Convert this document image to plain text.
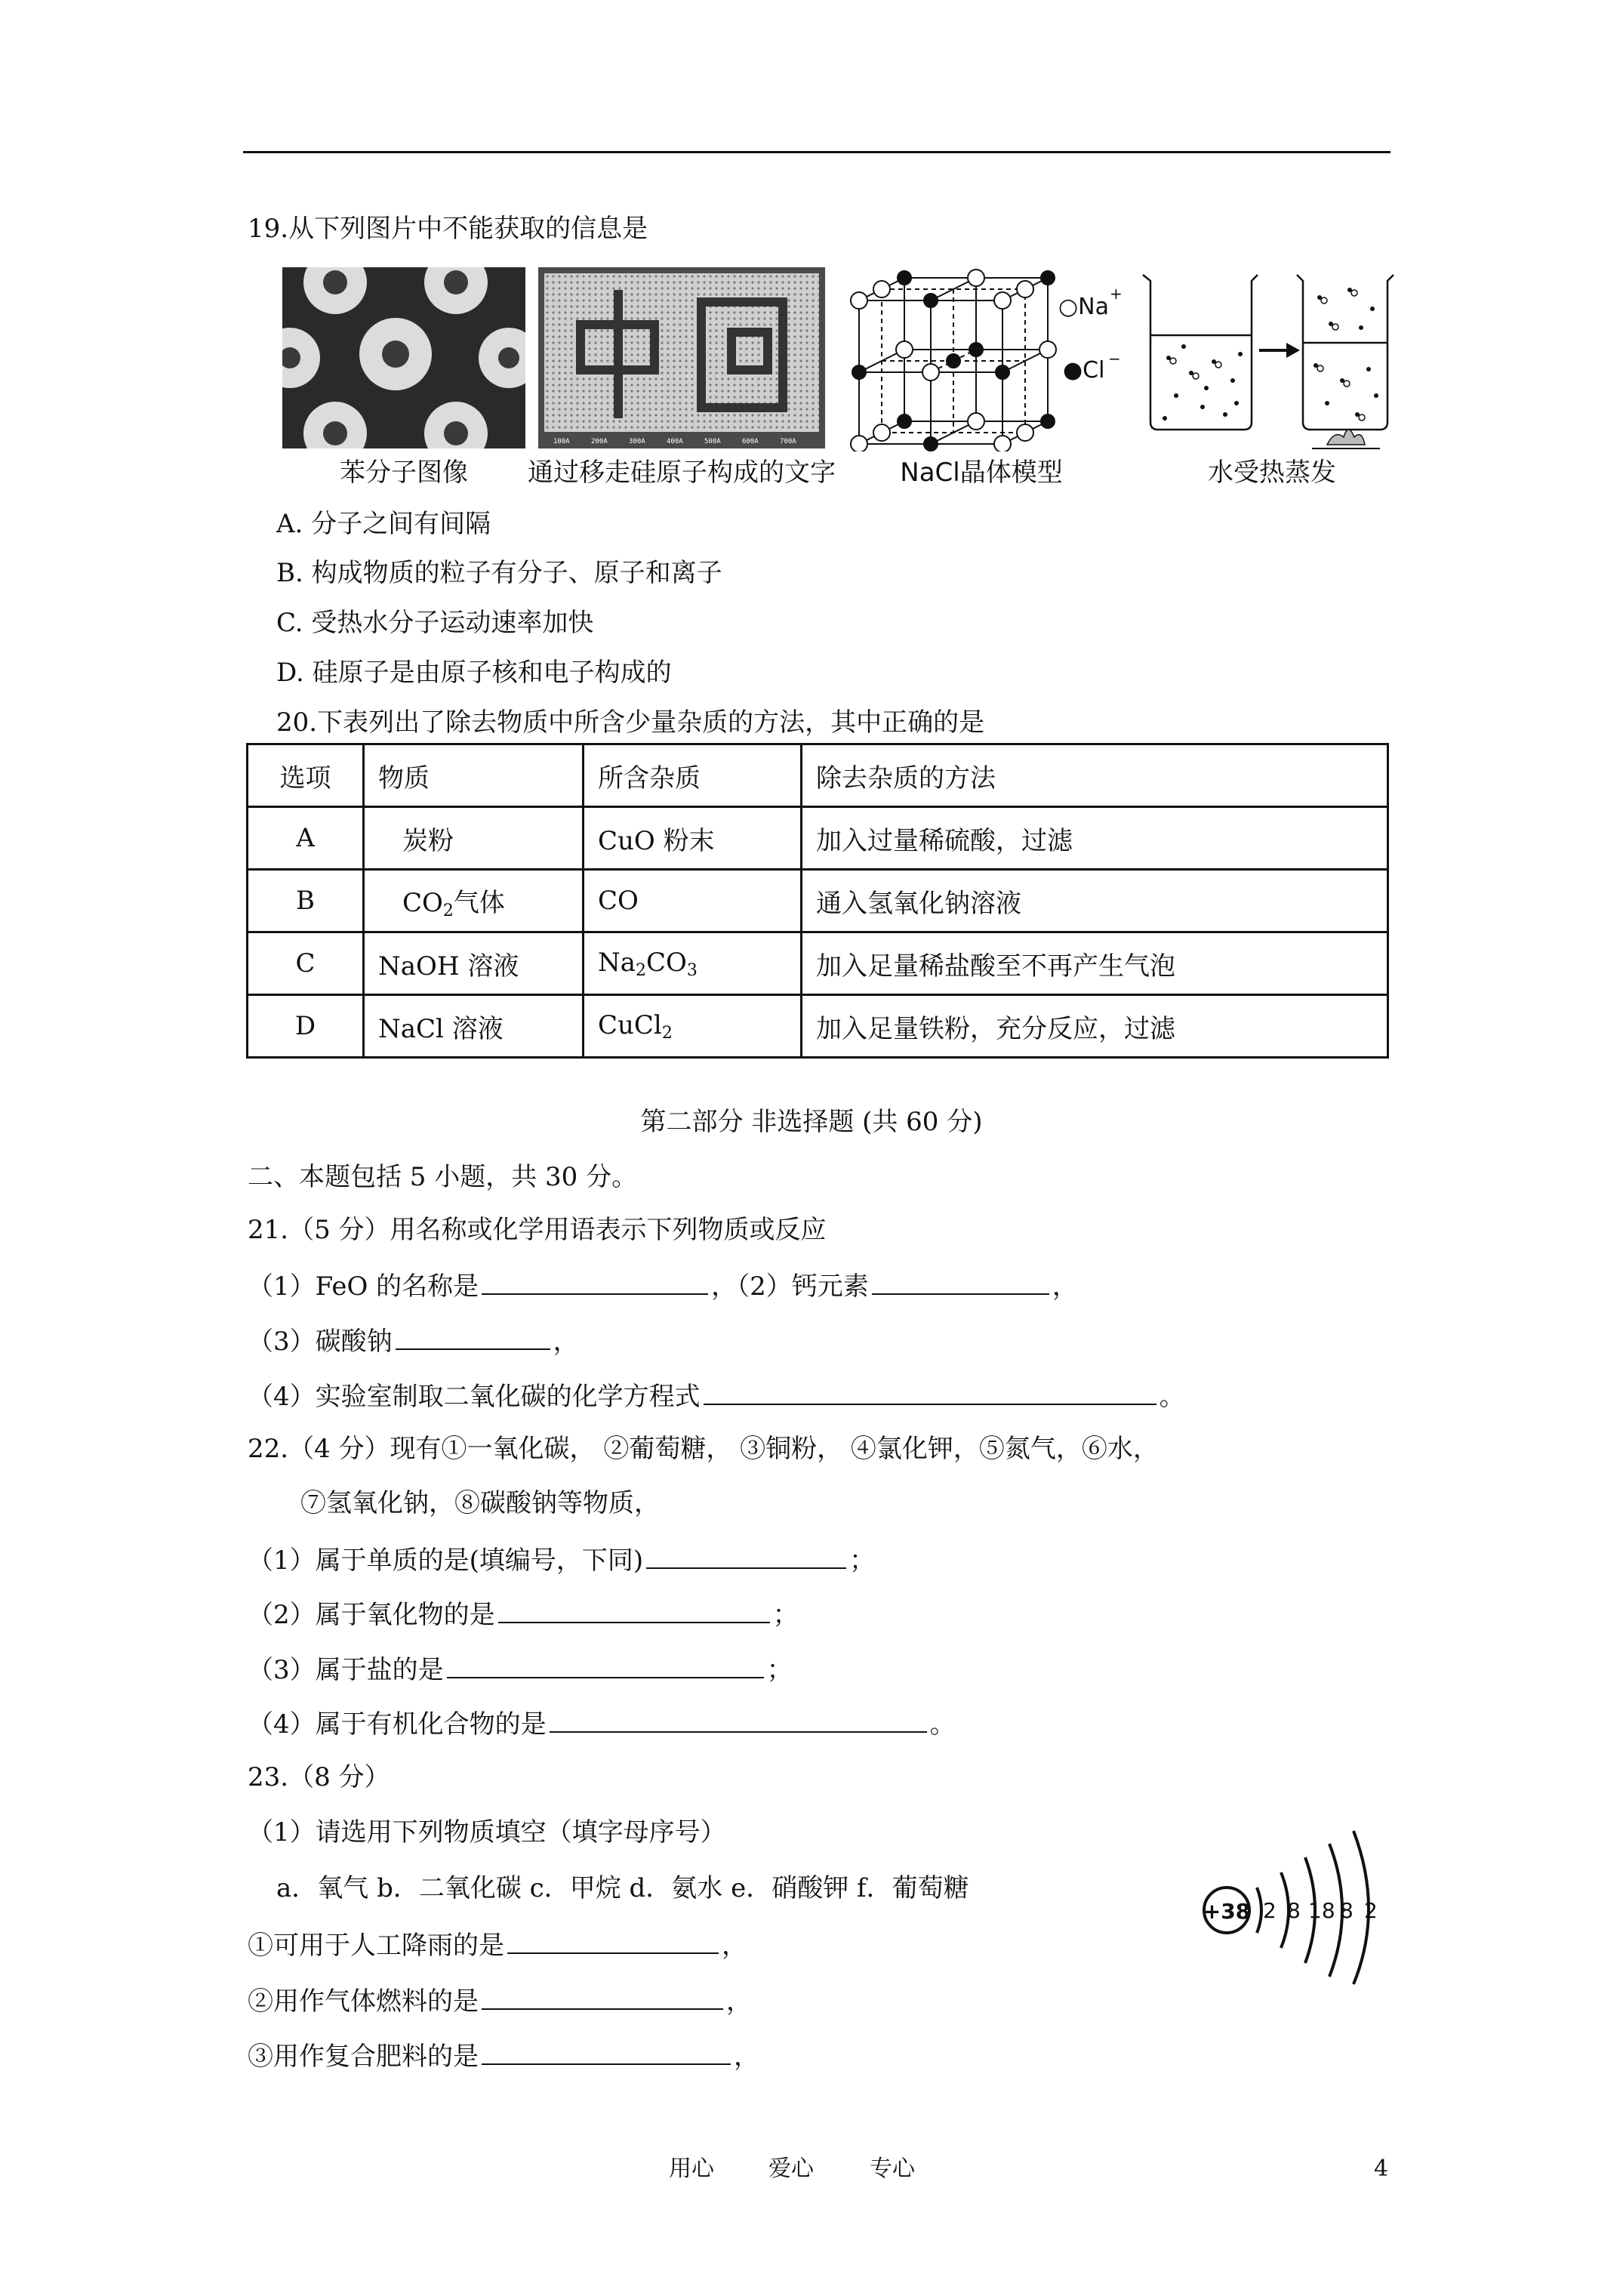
19.从下列图片中不能获取的信息是
苯分子图像
100A	200A	300A	400A	500A	600A	700A
通过移走硅原子构成的文字
○Na +
●Cl −
NaCl晶体模型	水受热蒸发
A. 分子之间有间隔
B. 构成物质的粒子有分子、原子和离子
C. 受热水分子运动速率加快
D. 硅原子是由原子核和电子构成的
20.下表列出了除去物质中所含少量杂质的方法，其中正确的是
选项	物质	所含杂质	除去杂质的方法
A	炭粉	CuO 粉末	加入过量稀硫酸，过滤
B	$CO_2$气体	CO	通入氢氧化钠溶液
C	NaOH 溶液	$Na_2CO_3$	加入足量稀盐酸至不再产生气泡
D	NaCl 溶液	CuCl$_2$	加入足量铁粉，充分反应，过滤
第二部分 非选择题 (共 60 分)
二、本题包括 5 小题，共 30 分。
21.（5 分）用名称或化学用语表示下列物质或反应
（1）FeO 的名称是	，（2）钙元素	，
（3）碳酸钠	，
（4）实验室制取二氧化碳的化学方程式	。
22.（4 分）现有①一氧化碳， ②葡萄糖， ③铜粉， ④氯化钾，⑤氮气，⑥水，
⑦氢氧化钠，⑧碳酸钠等物质，
（1）属于单质的是(填编号，下同)	；
（2）属于氧化物的是	；
（3）属于盐的是	；
（4）属于有机化合物的是	。
23.（8 分）
（1）请选用下列物质填空（填字母序号）
a．氧气 b．二氧化碳 c．甲烷 d．氨水 e．硝酸钾 f．葡萄糖
①可用于人工降雨的是	，
②用作气体燃料的是	，
③用作复合肥料的是	，
+38 2 8 18 8 2
用心 爱心 专心	4
